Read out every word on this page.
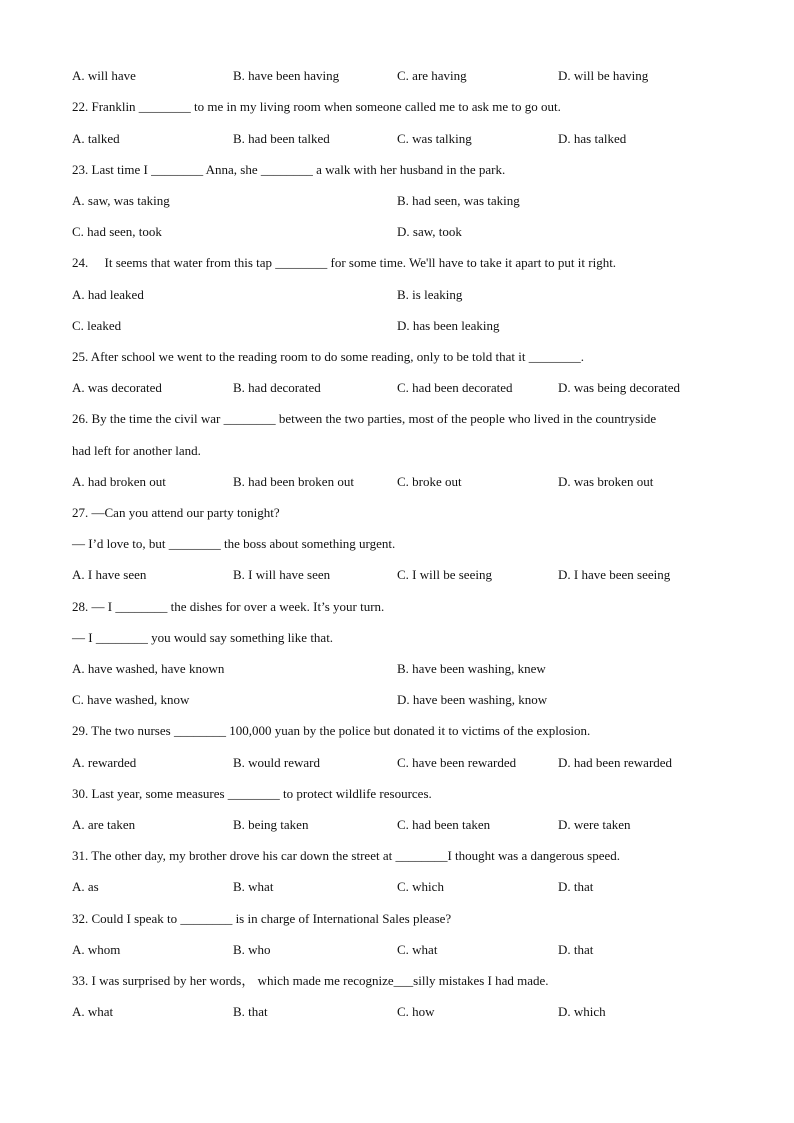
A. will have	B. have been having	C. are having	D. will be having
22. Franklin ________ to me in my living room when someone called me to ask me to go out.
A. talked	B. had been talked	C. was talking	D. has talked
23. Last time I ________ Anna, she ________ a walk with her husband in the park.
A. saw, was taking	B. had seen, was taking
C. had seen, took	D. saw, took
24.     It seems that water from this tap ________ for some time. We'll have to take it apart to put it right.
A. had leaked	B. is leaking
C. leaked	D. has been leaking
25. After school we went to the reading room to do some reading, only to be told that it ________.
A. was decorated	B. had decorated	C. had been decorated	D. was being decorated
26. By the time the civil war ________ between the two parties, most of the people who lived in the countryside
had left for another land.
A. had broken out	B. had been broken out	C. broke out	D. was broken out
27. —Can you attend our party tonight?
— I’d love to, but ________ the boss about something urgent.
A. I have seen	B. I will have seen	C. I will be seeing	D. I have been seeing
28. — I ________ the dishes for over a week. It’s your turn.
— I ________ you would say something like that.
A. have washed, have known	B. have been washing, knew
C. have washed, know	D. have been washing, know
29. The two nurses ________ 100,000 yuan by the police but donated it to victims of the explosion.
A. rewarded	B. would reward	C. have been rewarded	D. had been rewarded
30. Last year, some measures ________ to protect wildlife resources.
A. are taken	B. being taken	C. had been taken	D. were taken
31. The other day, my brother drove his car down the street at ________I thought was a dangerous speed.
A. as	B. what	C. which	D. that
32. Could I speak to ________ is in charge of International Sales please?
A. whom	B. who	C. what	D. that
33. I was surprised by her words， which made me recognize___silly mistakes I had made.
A. what	B. that	C. how	D. which
